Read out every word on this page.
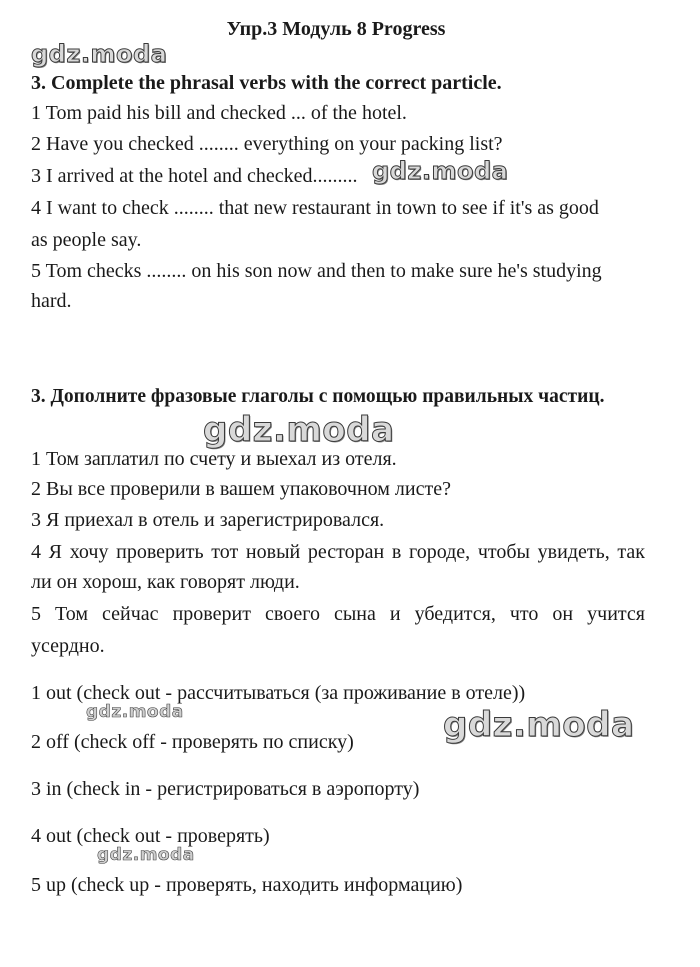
Упр.3 Модуль 8 Progress
gdz.moda
3. Complete the phrasal verbs with the correct particle.
1 Tom paid his bill and checked ... of the hotel.
2 Have you checked ........ everything on your packing list?
3 I arrived at the hotel and checked......... gdz.moda
4 I want to check ........ that new restaurant in town to see if it's as good
as people say.
5 Tom checks ........ on his son now and then to make sure he's studying
hard.
3. Дополните фразовые глаголы с помощью правильных частиц.
gdz.moda
1 Том заплатил по счету и выехал из отеля.
2 Вы все проверили в вашем упаковочном листе?
3 Я приехал в отель и зарегистрировался.
4 Я хочу проверить тот новый ресторан в городе, чтобы увидеть, так
ли он хорош, как говорят люди.
5 Том сейчас проверит своего сына и убедится, что он учится
усердно.
1 out (check out - рассчитываться (за проживание в отеле))
gdz.moda	gdz.moda
2 off (check off - проверять по списку)
3 in (check in - регистрироваться в аэропорту)
4 out (check out - проверять)
gdz.moda
5 up (check up - проверять, находить информацию)
